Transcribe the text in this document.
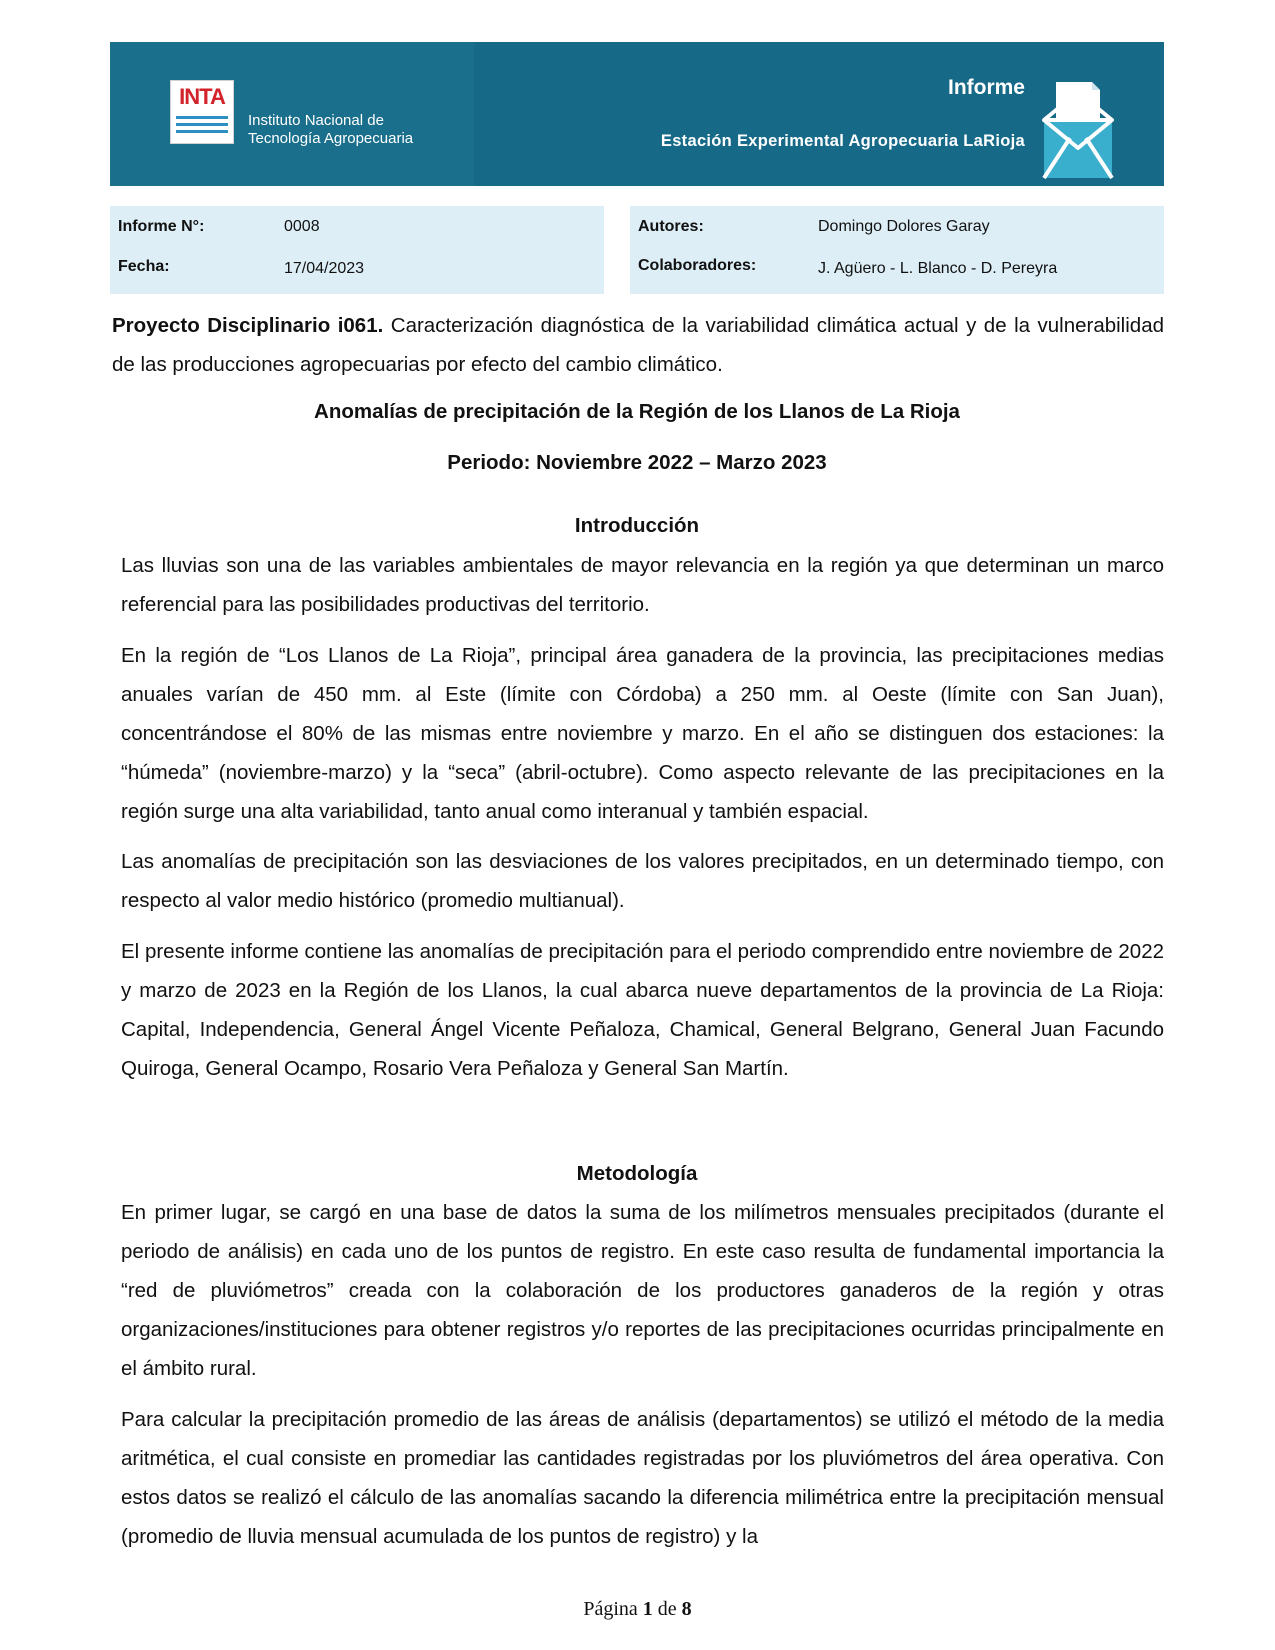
INTA
Instituto Nacional de
Tecnología Agropecuaria
Informe
Estación Experimental Agropecuaria LaRioja
Informe N°:	0008
Fecha:	17/04/2023
Autores:	Domingo Dolores Garay
Colaboradores:	J. Agüero - L. Blanco - D. Pereyra
Proyecto Disciplinario i061. Caracterización diagnóstica de la variabilidad climática actual y de la vulnerabilidad de las producciones agropecuarias por efecto del cambio climático.
Anomalías de precipitación de la Región de los Llanos de La Rioja
Periodo: Noviembre 2022 – Marzo 2023
Introducción
Las lluvias son una de las variables ambientales de mayor relevancia en la región ya que determinan un marco referencial para las posibilidades productivas del territorio.
En la región de “Los Llanos de La Rioja”, principal área ganadera de la provincia, las precipitaciones medias anuales varían de 450 mm. al Este (límite con Córdoba) a 250 mm. al Oeste (límite con San Juan), concentrándose el 80% de las mismas entre noviembre y marzo. En el año se distinguen dos estaciones: la “húmeda” (noviembre-marzo) y la “seca” (abril-octubre). Como aspecto relevante de las precipitaciones en la región surge una alta variabilidad, tanto anual como interanual y también espacial.
Las anomalías de precipitación son las desviaciones de los valores precipitados, en un determinado tiempo, con respecto al valor medio histórico (promedio multianual).
El presente informe contiene las anomalías de precipitación para el periodo comprendido entre noviembre de 2022 y marzo de 2023 en la Región de los Llanos, la cual abarca nueve departamentos de la provincia de La Rioja: Capital, Independencia, General Ángel Vicente Peñaloza, Chamical, General Belgrano, General Juan Facundo Quiroga, General Ocampo, Rosario Vera Peñaloza y General San Martín.
Metodología
En primer lugar, se cargó en una base de datos la suma de los milímetros mensuales precipitados (durante el periodo de análisis) en cada uno de los puntos de registro. En este caso resulta de fundamental importancia la “red de pluviómetros” creada con la colaboración de los productores ganaderos de la región y otras organizaciones/instituciones para obtener registros y/o reportes de las precipitaciones ocurridas principalmente en el ámbito rural.
Para calcular la precipitación promedio de las áreas de análisis (departamentos) se utilizó el método de la media aritmética, el cual consiste en promediar las cantidades registradas por los pluviómetros del área operativa. Con estos datos se realizó el cálculo de las anomalías sacando la diferencia milimétrica entre la precipitación mensual (promedio de lluvia mensual acumulada de los puntos de registro) y la
Página 1 de 8
